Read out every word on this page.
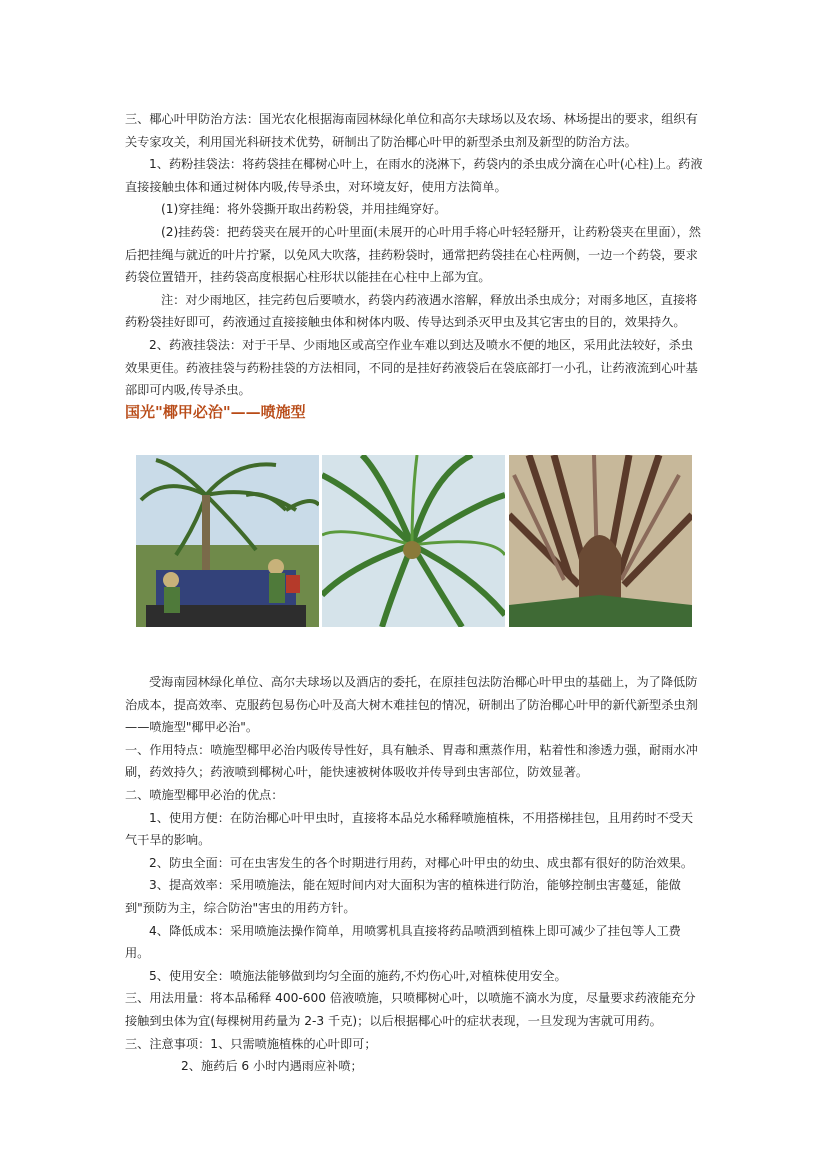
三、椰心叶甲防治方法：国光农化根据海南园林绿化单位和高尔夫球场以及农场、林场提出的要求，组织有关专家攻关，利用国光科研技术优势，研制出了防治椰心叶甲的新型杀虫剂及新型的防治方法。

1、药粉挂袋法：将药袋挂在椰树心叶上，在雨水的浇淋下，药袋内的杀虫成分滴在心叶(心柱)上。药液直接接触虫体和通过树体内吸,传导杀虫，对环境友好，使用方法简单。

(1)穿挂绳：将外袋撕开取出药粉袋，并用挂绳穿好。

(2)挂药袋：把药袋夹在展开的心叶里面(未展开的心叶用手将心叶轻轻掰开，让药粉袋夹在里面），然后把挂绳与就近的叶片拧紧，以免风大吹落，挂药粉袋时，通常把药袋挂在心柱两侧，一边一个药袋，要求药袋位置错开，挂药袋高度根据心柱形状以能挂在心柱中上部为宜。

注：对少雨地区，挂完药包后要喷水，药袋内药液遇水溶解，释放出杀虫成分；对雨多地区，直接将药粉袋挂好即可，药液通过直接接触虫体和树体内吸、传导达到杀灭甲虫及其它害虫的目的，效果持久。

2、药液挂袋法：对于干旱、少雨地区或高空作业车难以到达及喷水不便的地区，采用此法较好，杀虫效果更佳。药液挂袋与药粉挂袋的方法相同，不同的是挂好药液袋后在袋底部打一小孔，让药液流到心叶基部即可内吸,传导杀虫。

国光"椰甲必治"——喷施型

受海南园林绿化单位、高尔夫球场以及酒店的委托，在原挂包法防治椰心叶甲虫的基础上，为了降低防治成本，提高效率、克服药包易伤心叶及高大树木难挂包的情况，研制出了防治椰心叶甲的新代新型杀虫剂——喷施型"椰甲必治"。

一、作用特点：喷施型椰甲必治内吸传导性好，具有触杀、胃毒和熏蒸作用，粘着性和渗透力强，耐雨水冲刷，药效持久；药液喷到椰树心叶，能快速被树体吸收并传导到虫害部位，防效显著。

二、喷施型椰甲必治的优点：

1、使用方便：在防治椰心叶甲虫时，直接将本品兑水稀释喷施植株，不用搭梯挂包，且用药时不受天气干旱的影响。

2、防虫全面：可在虫害发生的各个时期进行用药，对椰心叶甲虫的幼虫、成虫都有很好的防治效果。

3、提高效率：采用喷施法，能在短时间内对大面积为害的植株进行防治，能够控制虫害蔓延，能做到"预防为主，综合防治"害虫的用药方针。

4、降低成本：采用喷施法操作简单，用喷雾机具直接将药品喷洒到植株上即可减少了挂包等人工费用。

5、使用安全：喷施法能够做到均匀全面的施药,不灼伤心叶,对植株使用安全。

三、用法用量：将本品稀释 400-600 倍液喷施，只喷椰树心叶，以喷施不滴水为度，尽量要求药液能充分接触到虫体为宜(每棵树用药量为 2-3 千克)；以后根据椰心叶的症状表现，一旦发现为害就可用药。

三、注意事项：1、只需喷施植株的心叶即可；

2、施药后 6 小时内遇雨应补喷；
